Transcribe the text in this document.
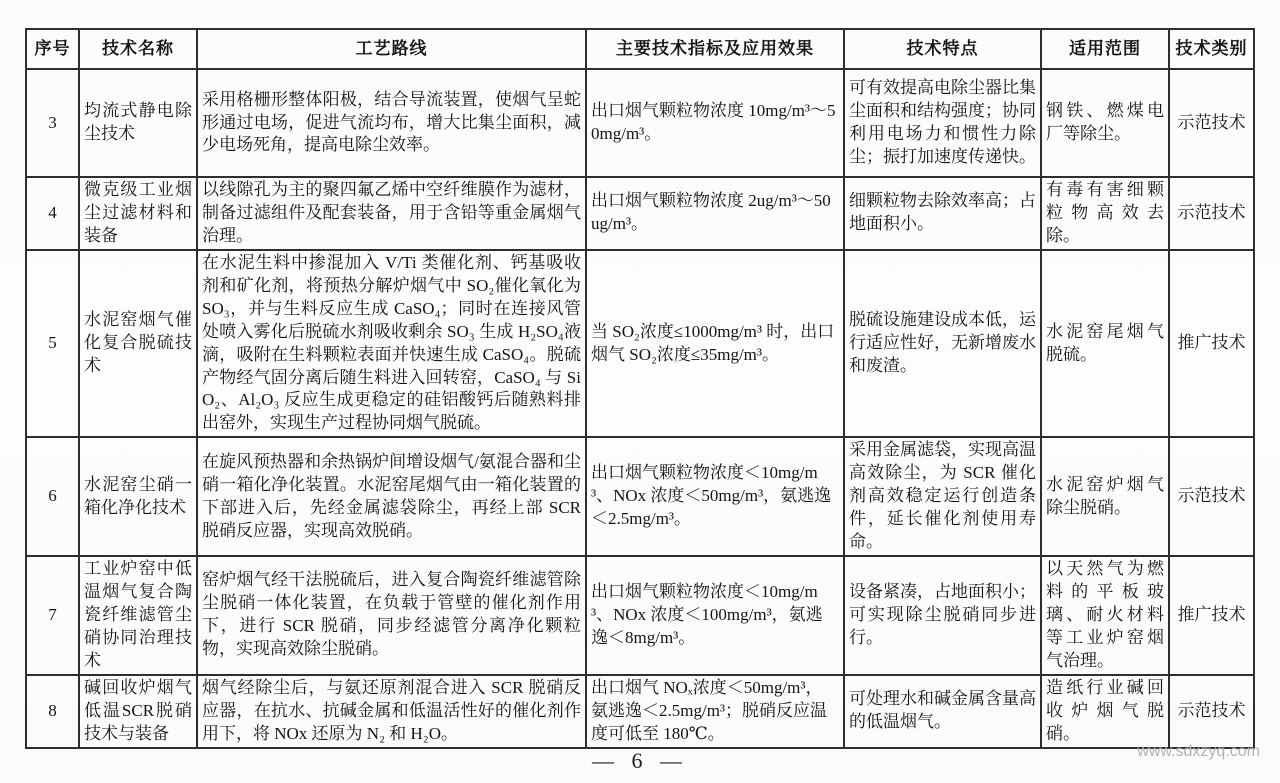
序号	技术名称	工艺路线	主要技术指标及应用效果	技术特点	适用范围	技术类别
3	均流式静电除尘技术	采用格栅形整体阳极，结合导流装置，使烟气呈蛇形通过电场，促进气流均布，增大比集尘面积，减少电场死角，提高电除尘效率。	出口烟气颗粒物浓度 10mg/m³～50mg/m³。	可有效提高电除尘器比集尘面积和结构强度；协同利用电场力和惯性力除尘；振打加速度传递快。	钢铁、燃煤电厂等除尘。	示范技术
4	微克级工业烟尘过滤材料和装备	以线隙孔为主的聚四氟乙烯中空纤维膜作为滤材，制备过滤组件及配套装备，用于含铅等重金属烟气治理。	出口烟气颗粒物浓度 2ug/m³～50ug/m³。	细颗粒物去除效率高；占地面积小。	有毒有害细颗粒物高效去除。	示范技术
5	水泥窑烟气催化复合脱硫技术	在水泥生料中掺混加入 V/Ti 类催化剂、钙基吸收剂和矿化剂，将预热分解炉烟气中 SO₂催化氧化为SO₃，并与生料反应生成 CaSO₄；同时在连接风管处喷入雾化后脱硫水剂吸收剩余 SO₃ 生成 H₂SO₄液滴，吸附在生料颗粒表面并快速生成 CaSO₄。脱硫产物经气固分离后随生料进入回转窑，CaSO₄ 与 SiO₂、Al₂O₃ 反应生成更稳定的硅铝酸钙后随熟料排出窑外，实现生产过程协同烟气脱硫。	当 SO₂浓度≤1000mg/m³ 时，出口烟气 SO₂浓度≤35mg/m³。	脱硫设施建设成本低，运行适应性好，无新增废水和废渣。	水泥窑尾烟气脱硫。	推广技术
6	水泥窑尘硝一箱化净化技术	在旋风预热器和余热锅炉间增设烟气/氨混合器和尘硝一箱化净化装置。水泥窑尾烟气由一箱化装置的下部进入后，先经金属滤袋除尘，再经上部 SCR 脱硝反应器，实现高效脱硝。	出口烟气颗粒物浓度＜10mg/m³、NOx 浓度＜50mg/m³，氨逃逸＜2.5mg/m³。	采用金属滤袋，实现高温高效除尘，为 SCR 催化剂高效稳定运行创造条件，延长催化剂使用寿命。	水泥窑炉烟气除尘脱硝。	示范技术
7	工业炉窑中低温烟气复合陶瓷纤维滤管尘硝协同治理技术	窑炉烟气经干法脱硫后，进入复合陶瓷纤维滤管除尘脱硝一体化装置，在负载于管壁的催化剂作用下，进行 SCR 脱硝，同步经滤管分离净化颗粒物，实现高效除尘脱硝。	出口烟气颗粒物浓度＜10mg/m³、NOx 浓度＜100mg/m³，氨逃逸＜8mg/m³。	设备紧凑，占地面积小；可实现除尘脱硝同步进行。	以天然气为燃料的平板玻璃、耐火材料等工业炉窑烟气治理。	推广技术
8	碱回收炉烟气低温SCR脱硝技术与装备	烟气经除尘后，与氨还原剂混合进入 SCR 脱硝反应器，在抗水、抗碱金属和低温活性好的催化剂作用下，将 NOx 还原为 N₂ 和 H₂O。	出口烟气 NOₓ浓度＜50mg/m³，氨逃逸＜2.5mg/m³；脱硝反应温度可低至 180℃。	可处理水和碱金属含量高的低温烟气。	造纸行业碱回收炉烟气脱硝。	示范技术
— 6 —	www.sdxzyq.com
